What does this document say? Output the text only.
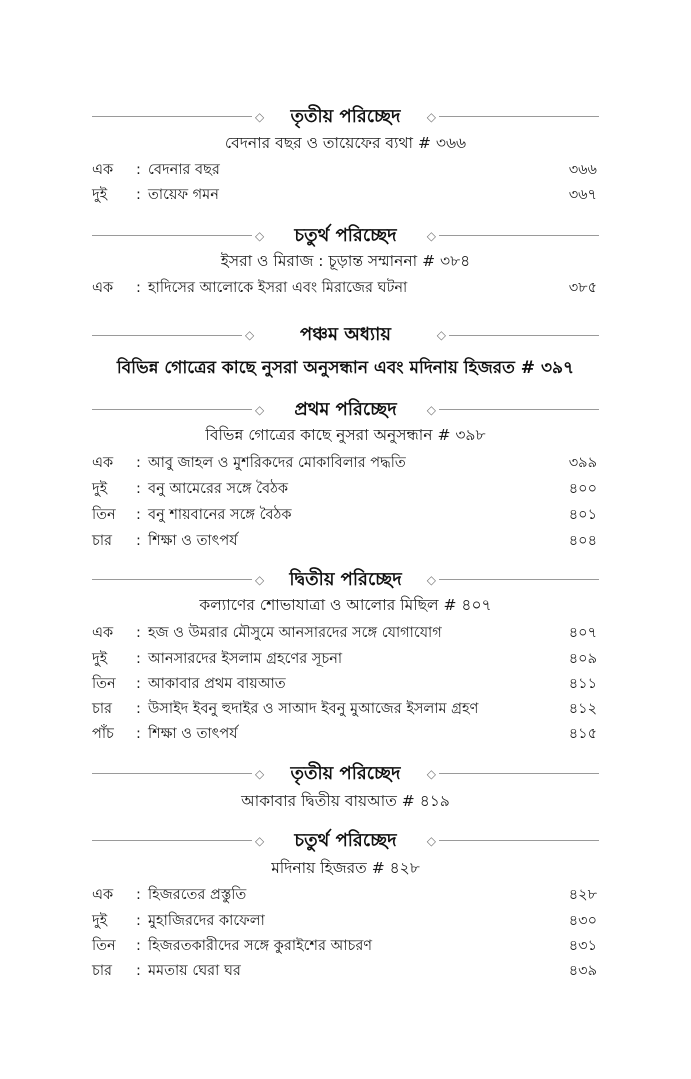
◇	তৃতীয় পরিচ্ছেদ	◇
বেদনার বছর ও তায়েফের ব্যথা # ৩৬৬
এক	: বেদনার বছর	৩৬৬
দুই	: তায়েফ গমন	৩৬৭
◇	চতুর্থ পরিচ্ছেদ	◇
ইসরা ও মিরাজ : চূড়ান্ত সম্মাননা # ৩৮৪
এক	: হাদিসের আলোকে ইসরা এবং মিরাজের ঘটনা	৩৮৫
◇	পঞ্চম অধ্যায়	◇
বিভিন্ন গোত্রের কাছে নুসরা অনুসন্ধান এবং মদিনায় হিজরত # ৩৯৭
◇	প্রথম পরিচ্ছেদ	◇
বিভিন্ন গোত্রের কাছে নুসরা অনুসন্ধান # ৩৯৮
এক	: আবু জাহল ও মুশরিকদের মোকাবিলার পদ্ধতি	৩৯৯
দুই	: বনু আমেরের সঙ্গে বৈঠক	৪০০
তিন	: বনু শায়বানের সঙ্গে বৈঠক	৪০১
চার	: শিক্ষা ও তাৎপর্য	৪০৪
◇	দ্বিতীয় পরিচ্ছেদ	◇
কল্যাণের শোভাযাত্রা ও আলোর মিছিল # ৪০৭
এক	: হজ ও উমরার মৌসুমে আনসারদের সঙ্গে যোগাযোগ	৪০৭
দুই	: আনসারদের ইসলাম গ্রহণের সূচনা	৪০৯
তিন	: আকাবার প্রথম বায়আত	৪১১
চার	: উসাইদ ইবনু হুদাইর ও সাআদ ইবনু মুআজের ইসলাম গ্রহণ	৪১২
পাঁচ	: শিক্ষা ও তাৎপর্য	৪১৫
◇	তৃতীয় পরিচ্ছেদ	◇
আকাবার দ্বিতীয় বায়আত # ৪১৯
◇	চতুর্থ পরিচ্ছেদ	◇
মদিনায় হিজরত # ৪২৮
এক	: হিজরতের প্রস্তুতি	৪২৮
দুই	: মুহাজিরদের কাফেলা	৪৩০
তিন	: হিজরতকারীদের সঙ্গে কুরাইশের আচরণ	৪৩১
চার	: মমতায় ঘেরা ঘর	৪৩৯
